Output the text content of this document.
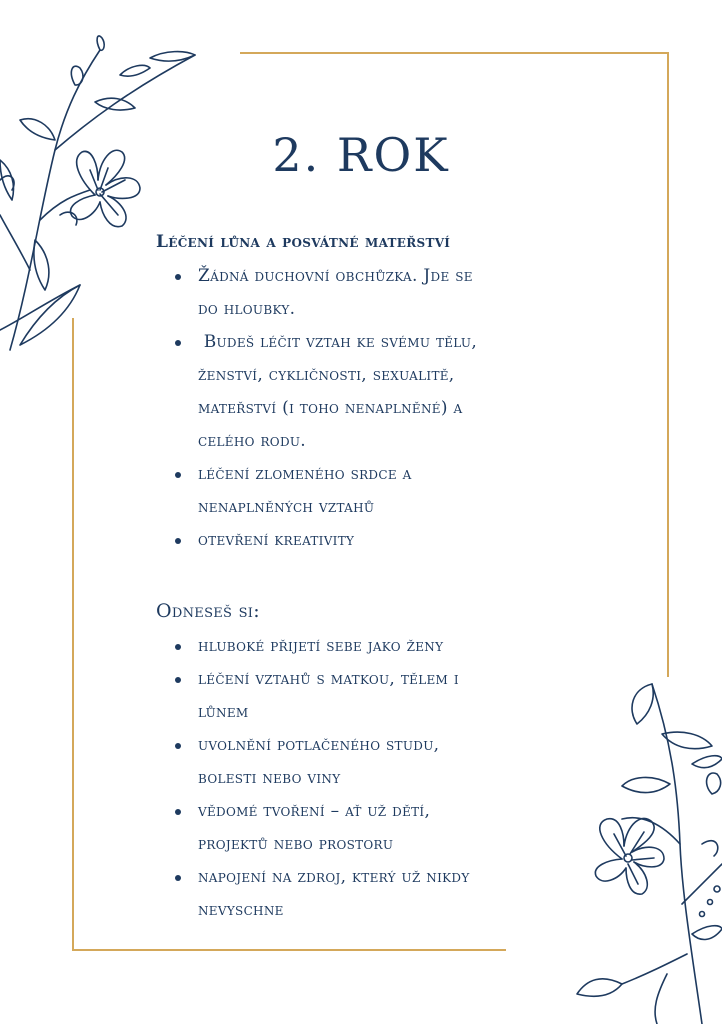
2. ROK
Léčení lůna a posvátné mateřství
Žádná duchovní obchůzka. Jde se
do hloubky.
Budeš léčit vztah ke svému tělu,
ženství, cykličnosti, sexualitě,
mateřství (i toho nenaplněné) a
celého rodu.
léčení zlomeného srdce a
nenaplněných vztahů
otevření kreativity
Odneseš si:
hluboké přijetí sebe jako ženy
léčení vztahů s matkou, tělem i
lůnem
uvolnění potlačeného studu,
bolesti nebo viny
vědomé tvoření – ať už dětí,
projektů nebo prostoru
napojení na zdroj, který už nikdy
nevyschne
